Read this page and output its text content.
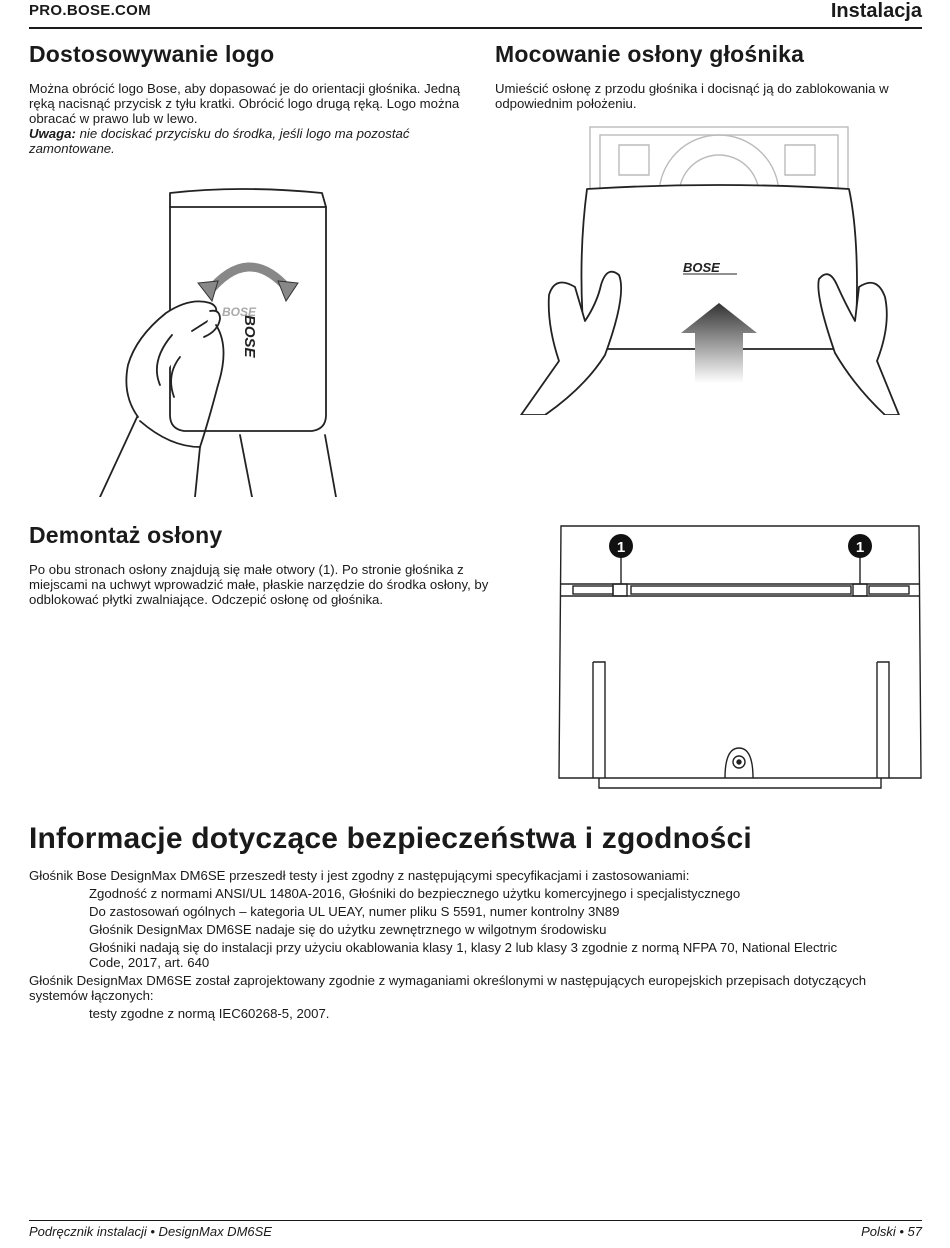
PRO.BOSE.COM	Instalacja
Dostosowywanie logo

Można obrócić logo Bose, aby dopasować je do orientacji głośnika. Jedną ręką nacisnąć przycisk z tyłu kratki. Obrócić logo drugą ręką. Logo można obracać w prawo lub w lewo.

Uwaga: nie dociskać przycisku do środka, jeśli logo ma pozostać zamontowane.

BOSE
BOSE
Mocowanie osłony głośnika

Umieścić osłonę z przodu głośnika i docisnąć ją do zablokowania w odpowiednim położeniu.

BOSE
Demontaż osłony

Po obu stronach osłony znajdują się małe otwory (1). Po stronie głośnika z miejscami na uchwyt wprowadzić małe, płaskie narzędzie do środka osłony, by odblokować płytki zwalniające. Odczepić osłonę od głośnika.

1	1
Informacje dotyczące bezpieczeństwa i zgodności
Głośnik Bose DesignMax DM6SE przeszedł testy i jest zgodny z następującymi specyfikacjami i zastosowaniami:
Zgodność z normami ANSI/UL 1480A-2016, Głośniki do bezpiecznego użytku komercyjnego i specjalistycznego
Do zastosowań ogólnych – kategoria UL UEAY, numer pliku S 5591, numer kontrolny 3N89
Głośnik DesignMax DM6SE nadaje się do użytku zewnętrznego w wilgotnym środowisku
Głośniki nadają się do instalacji przy użyciu okablowania klasy 1, klasy 2 lub klasy 3 zgodnie z normą NFPA 70, National Electric Code, 2017, art. 640
Głośnik DesignMax DM6SE został zaprojektowany zgodnie z wymaganiami określonymi w następujących europejskich przepisach dotyczących systemów łączonych:
testy zgodne z normą IEC60268-5, 2007.
Podręcznik instalacji • DesignMax DM6SE	Polski • 57
